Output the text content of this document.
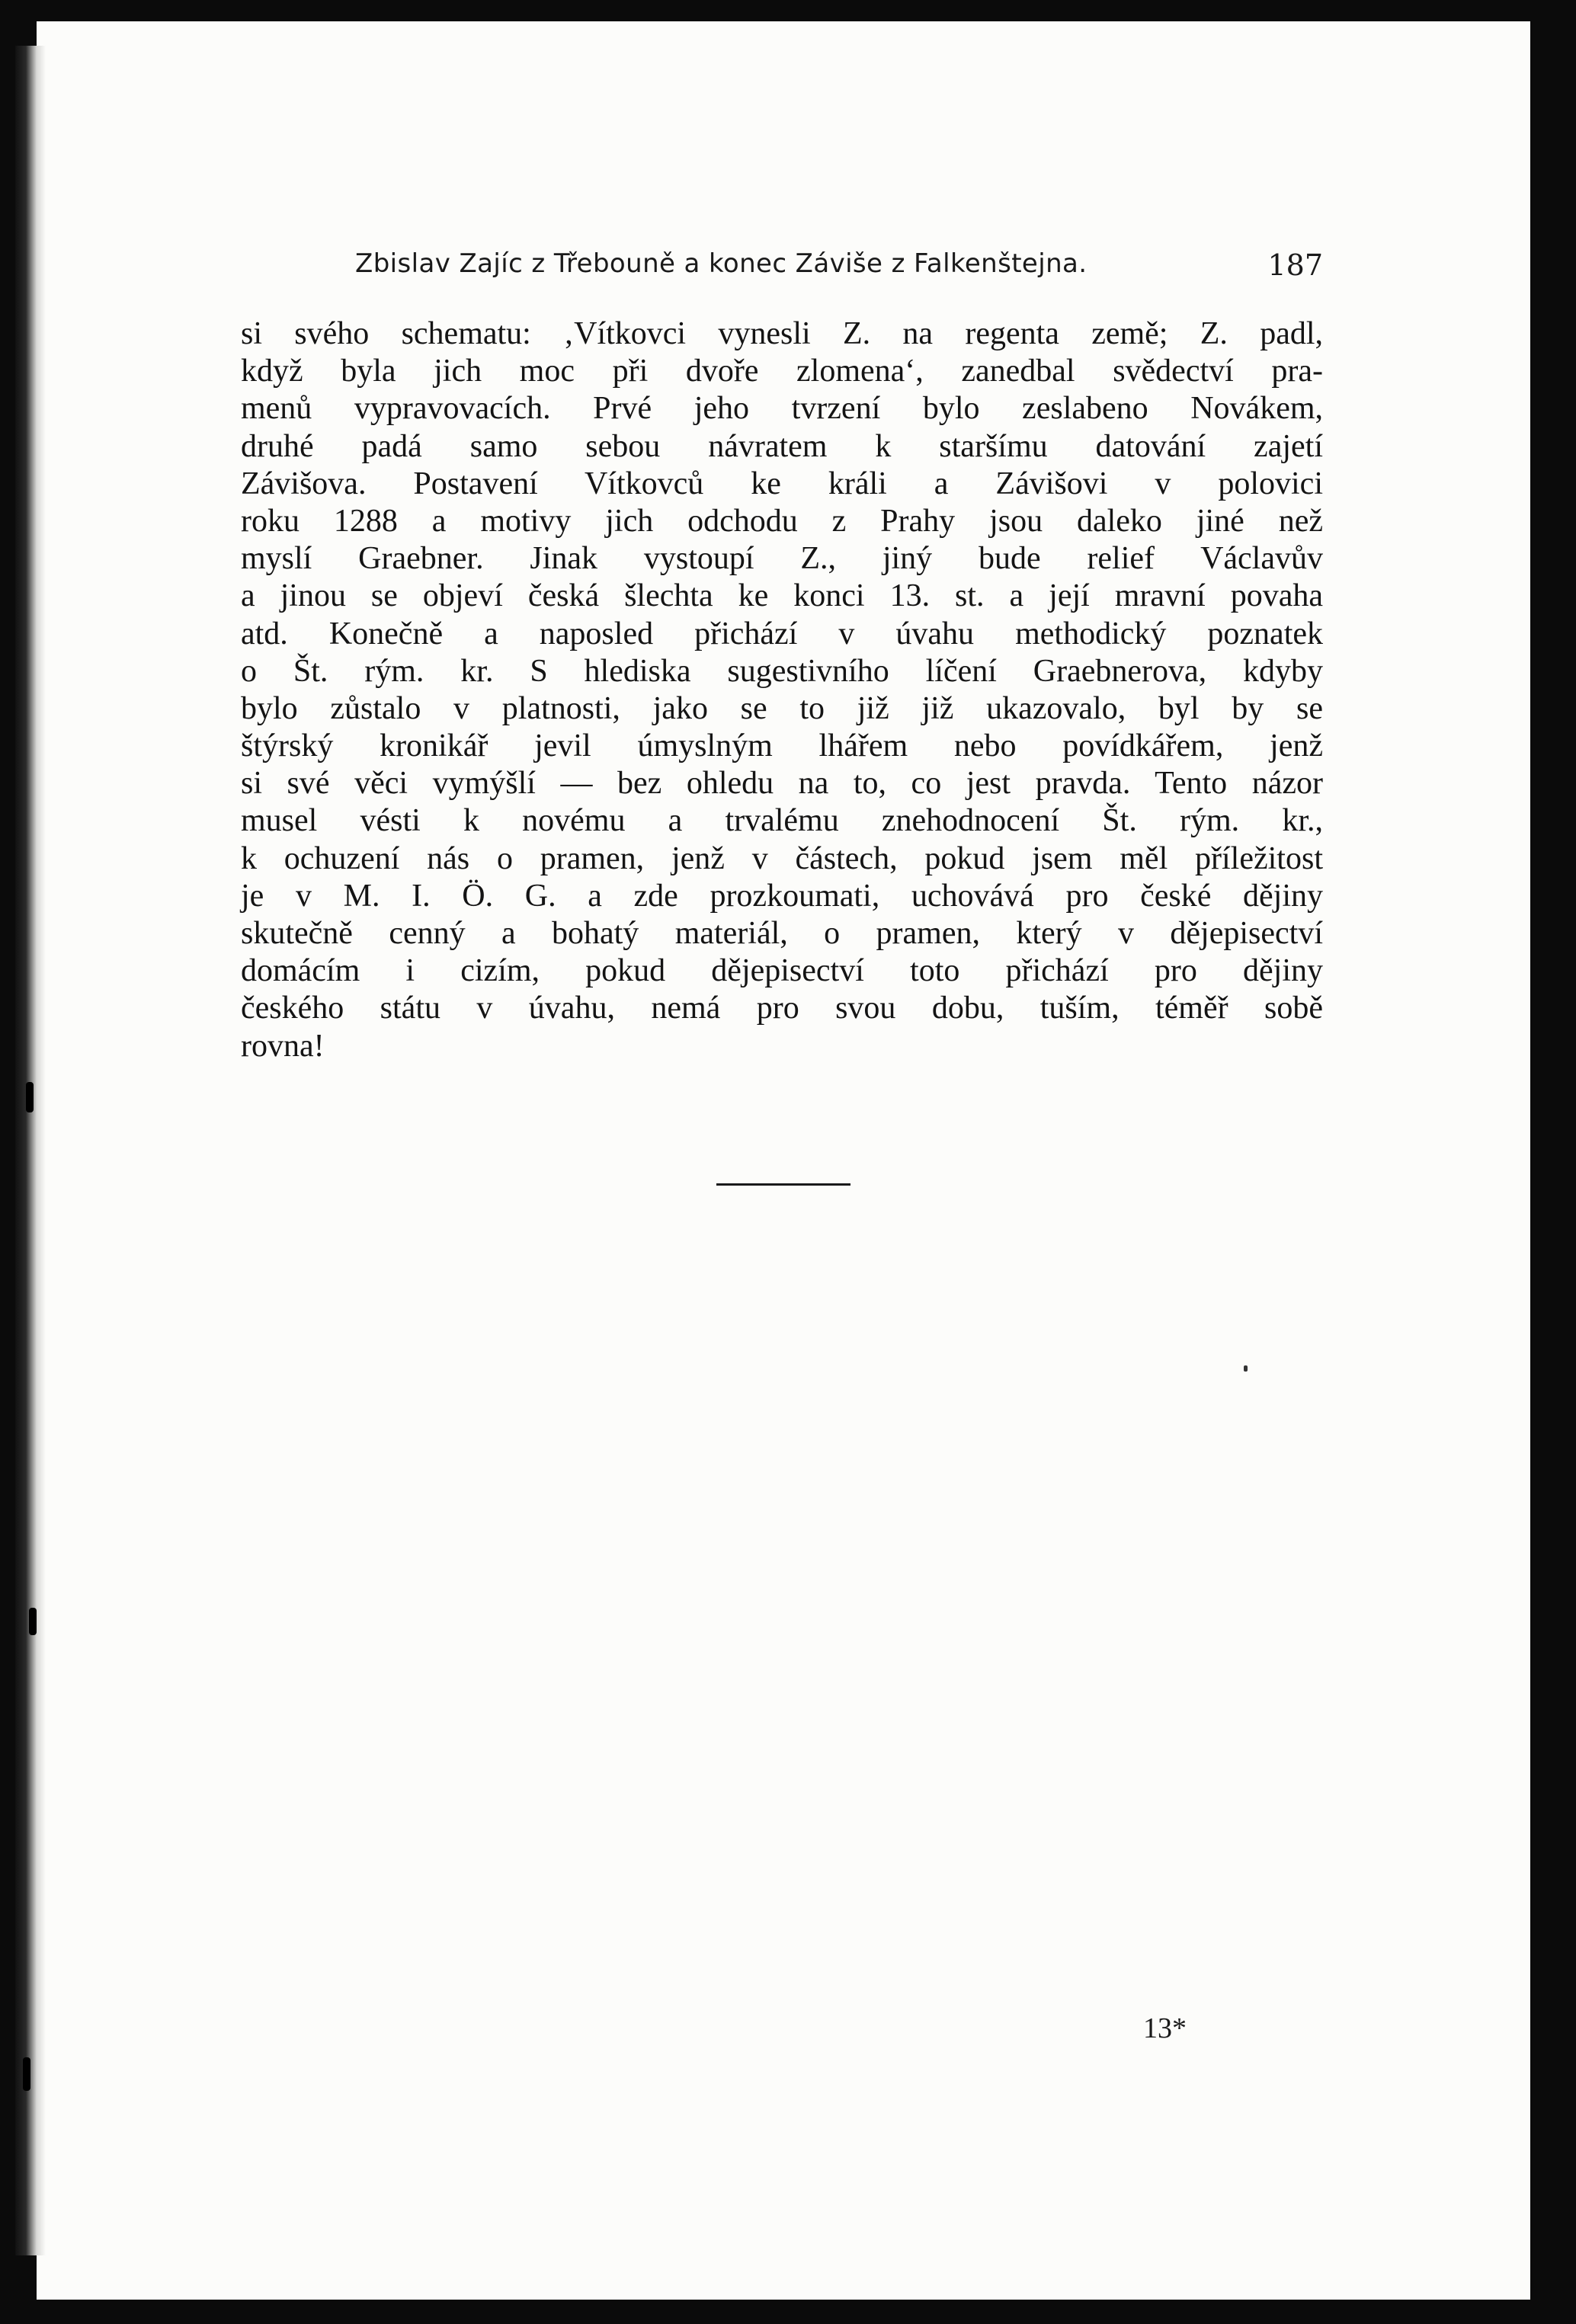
Zbislav Zajíc z Třebouně a konec Záviše z Falkenštejna.	187
si svého schematu: ‚Vítkovci vynesli Z. na regenta země; Z. padl,
když byla jich moc při dvoře zlomena‘, zanedbal svědectví pra-
menů vypravovacích. Prvé jeho tvrzení bylo zeslabeno Novákem,
druhé padá samo sebou návratem k staršímu datování zajetí
Závišova. Postavení Vítkovců ke králi a Závišovi v polovici
roku 1288 a motivy jich odchodu z Prahy jsou daleko jiné než
myslí Graebner. Jinak vystoupí Z., jiný bude relief Václavův
a jinou se objeví česká šlechta ke konci 13. st. a její mravní povaha
atd. Konečně a naposled přichází v úvahu methodický poznatek
o Št. rým. kr. S hlediska sugestivního líčení Graebnerova, kdyby
bylo zůstalo v platnosti, jako se to již již ukazovalo, byl by se
štýrský kronikář jevil úmyslným lhářem nebo povídkářem, jenž
si své věci vymýšlí — bez ohledu na to, co jest pravda. Tento názor
musel vésti k novému a trvalému znehodnocení Št. rým. kr.,
k ochuzení nás o pramen, jenž v částech, pokud jsem měl příležitost
je v M. I. Ö. G. a zde prozkoumati, uchovává pro české dějiny
skutečně cenný a bohatý materiál, o pramen, který v dějepisectví
domácím i cizím, pokud dějepisectví toto přichází pro dějiny
českého státu v úvahu, nemá pro svou dobu, tuším, téměř sobě
rovna!
13*
